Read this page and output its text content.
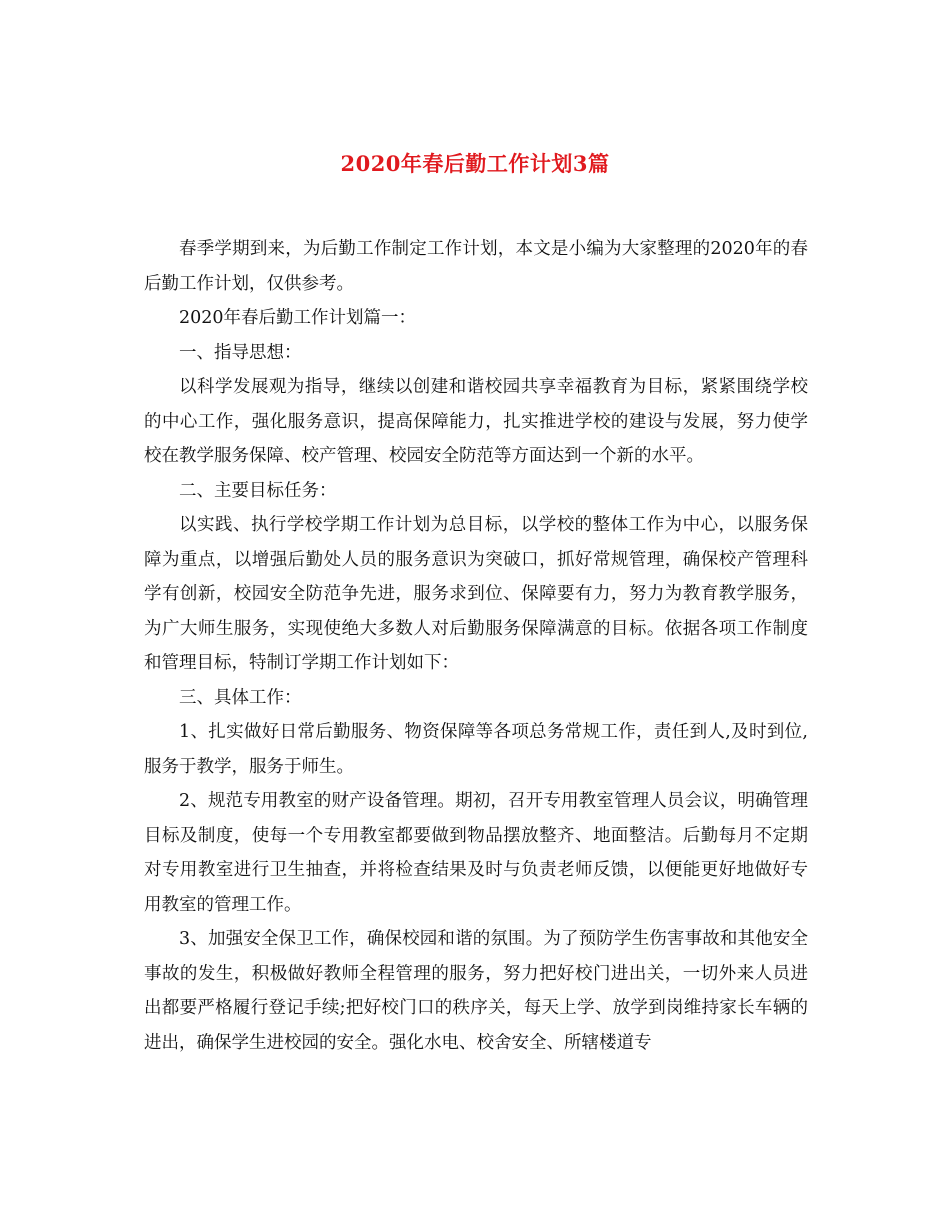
2020年春后勤工作计划3篇

春季学期到来，为后勤工作制定工作计划，本文是小编为大家整理的2020年的春后勤工作计划，仅供参考。

2020年春后勤工作计划篇一：

一、指导思想：

以科学发展观为指导，继续以创建和谐校园共享幸福教育为目标，紧紧围绕学校的中心工作，强化服务意识，提高保障能力，扎实推进学校的建设与发展，努力使学校在教学服务保障、校产管理、校园安全防范等方面达到一个新的水平。

二、主要目标任务：

以实践、执行学校学期工作计划为总目标，以学校的整体工作为中心，以服务保障为重点，以增强后勤处人员的服务意识为突破口，抓好常规管理，确保校产管理科学有创新，校园安全防范争先进，服务求到位、保障要有力，努力为教育教学服务，为广大师生服务，实现使绝大多数人对后勤服务保障满意的目标。依据各项工作制度和管理目标，特制订学期工作计划如下：

三、具体工作：

1、扎实做好日常后勤服务、物资保障等各项总务常规工作，责任到人,及时到位,服务于教学，服务于师生。

2、规范专用教室的财产设备管理。期初，召开专用教室管理人员会议，明确管理目标及制度，使每一个专用教室都要做到物品摆放整齐、地面整洁。后勤每月不定期对专用教室进行卫生抽查，并将检查结果及时与负责老师反馈，以便能更好地做好专用教室的管理工作。

3、加强安全保卫工作，确保校园和谐的氛围。为了预防学生伤害事故和其他安全事故的发生，积极做好教师全程管理的服务，努力把好校门进出关，一切外来人员进出都要严格履行登记手续;把好校门口的秩序关，每天上学、放学到岗维持家长车辆的进出，确保学生进校园的安全。强化水电、校舍安全、所辖楼道专
